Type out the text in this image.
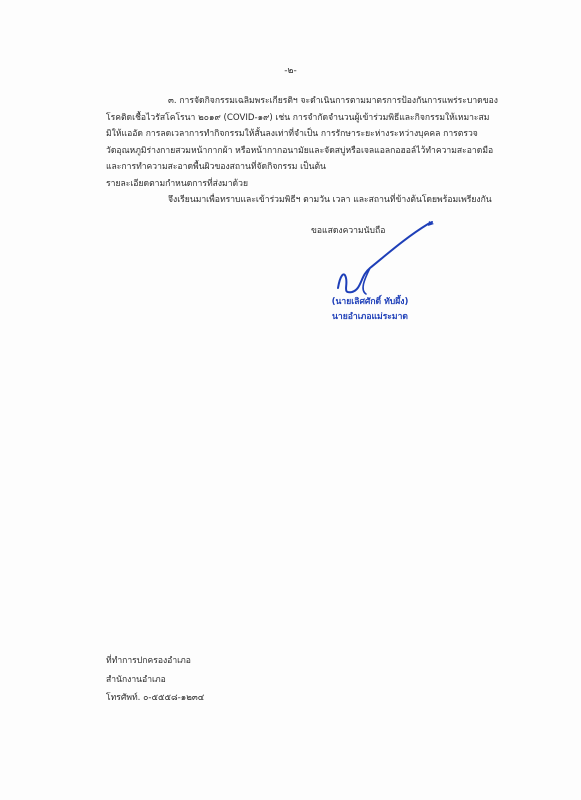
-๒-
๓. การจัดกิจกรรมเฉลิมพระเกียรติฯ จะดำเนินการตามมาตรการป้องกันการแพร่ระบาดของ
โรคติดเชื้อไวรัสโคโรนา ๒๐๑๙ (COVID-๑๙) เช่น การจำกัดจำนวนผู้เข้าร่วมพิธีและกิจกรรมให้เหมาะสม
มิให้แออัด การลดเวลาการทำกิจกรรมให้สั้นลงเท่าที่จำเป็น การรักษาระยะห่างระหว่างบุคคล การตรวจ
วัดอุณหภูมิร่างกายสวมหน้ากากผ้า หรือหน้ากากอนามัยและจัดสบู่หรือเจลแอลกอฮอล์ไว้ทำความสะอาดมือ
และการทำความสะอาดพื้นผิวของสถานที่จัดกิจกรรม เป็นต้น
รายละเอียดตามกำหนดการที่ส่งมาด้วย
จึงเรียนมาเพื่อทราบและเข้าร่วมพิธีฯ ตามวัน เวลา และสถานที่ข้างต้นโดยพร้อมเพรียงกัน
ขอแสดงความนับถือ
(นายเลิศศักดิ์ ทับผึ้ง)
นายอำเภอแม่ระมาด
ที่ทำการปกครองอำเภอ
สำนักงานอำเภอ
โทรศัพท์. ๐-๕๕๕๘-๑๒๓๔
